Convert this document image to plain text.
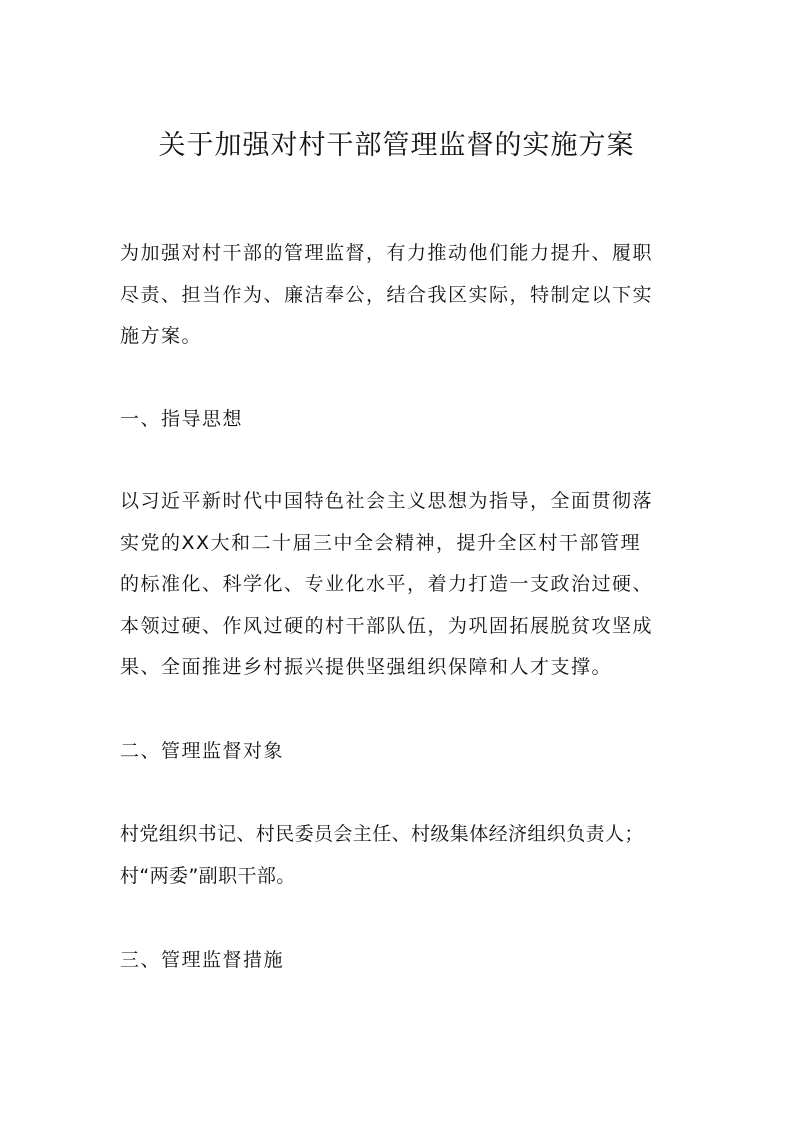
关于加强对村干部管理监督的实施方案

为加强对村干部的管理监督，有力推动他们能力提升、履职
尽责、担当作为、廉洁奉公，结合我区实际，特制定以下实
施方案。

一、指导思想

以习近平新时代中国特色社会主义思想为指导，全面贯彻落
实党的XX大和二十届三中全会精神，提升全区村干部管理
的标准化、科学化、专业化水平，着力打造一支政治过硬、
本领过硬、作风过硬的村干部队伍，为巩固拓展脱贫攻坚成
果、全面推进乡村振兴提供坚强组织保障和人才支撑。

二、管理监督对象

村党组织书记、村民委员会主任、村级集体经济组织负责人；
村“两委”副职干部。

三、管理监督措施
